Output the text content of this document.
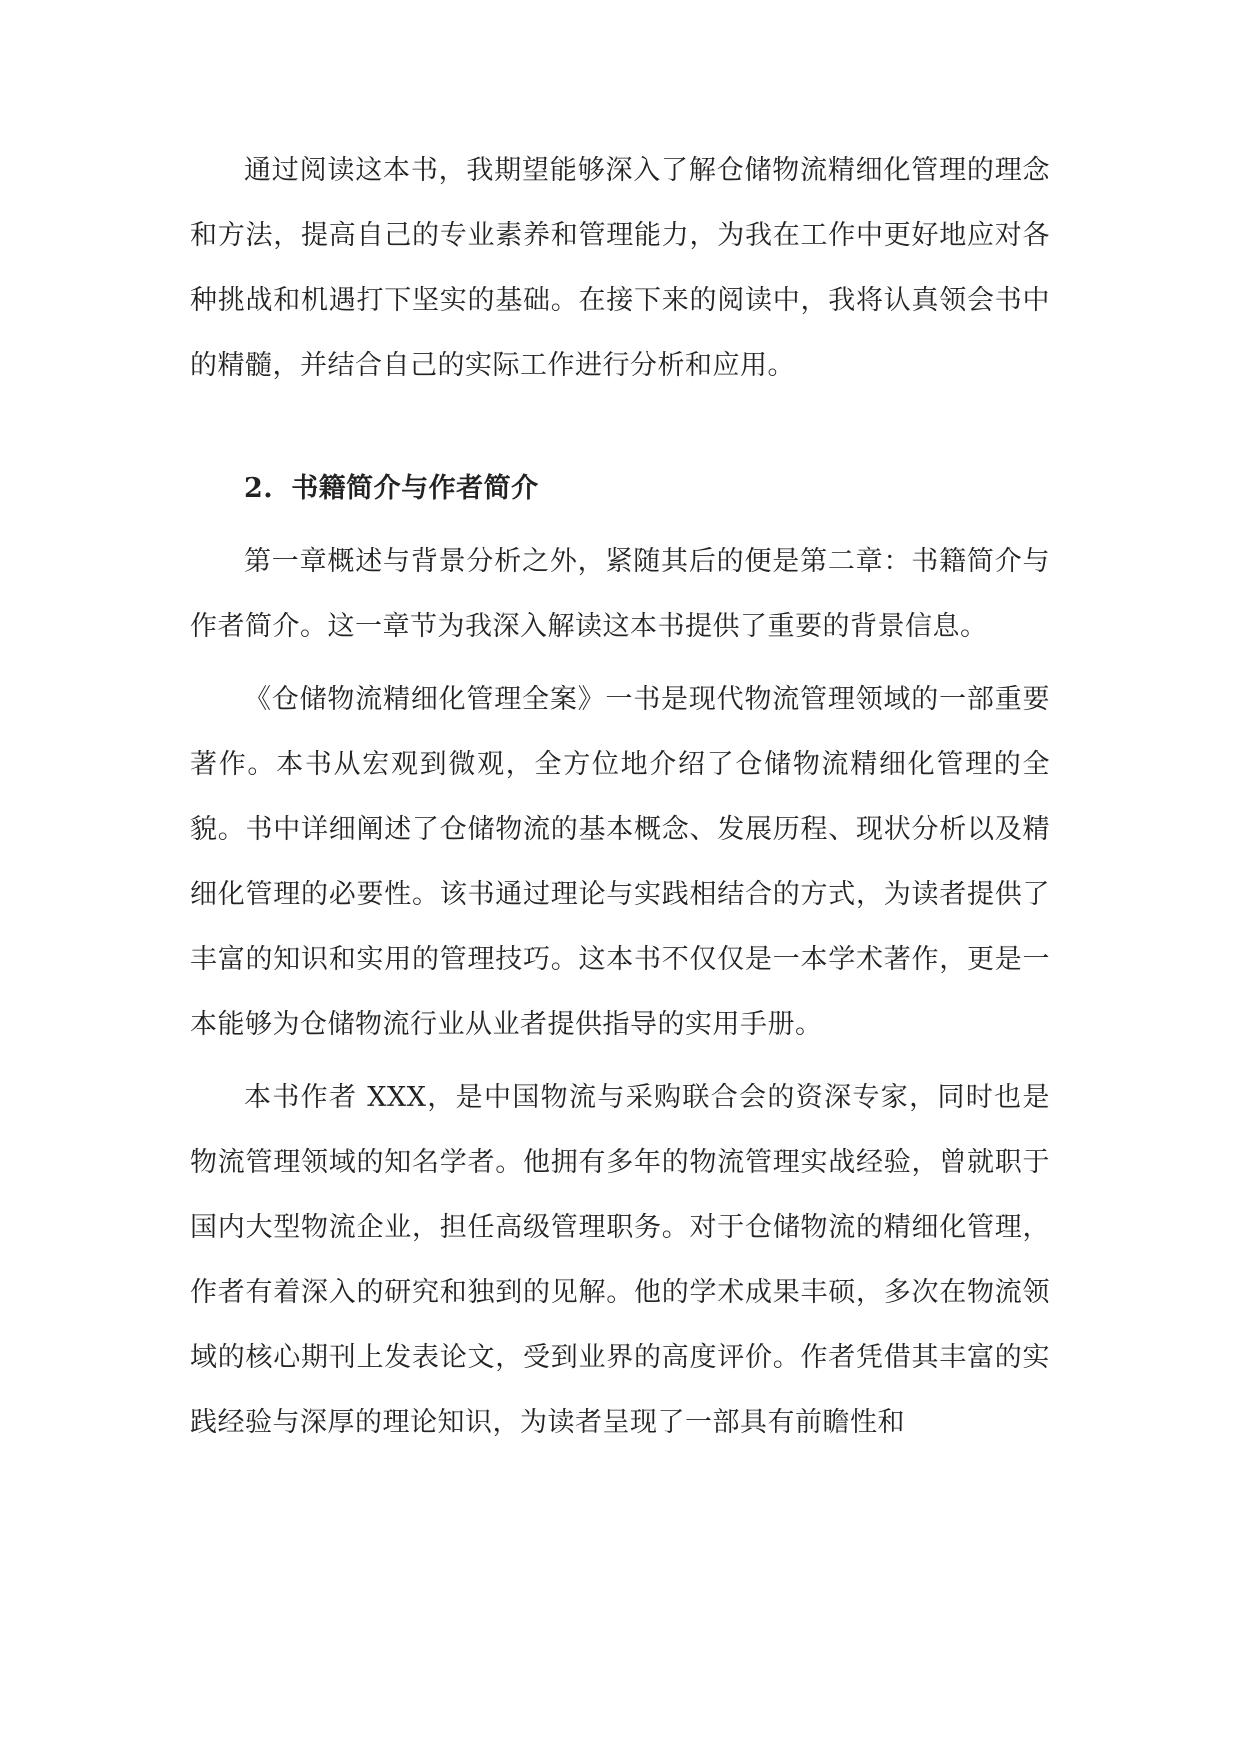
通过阅读这本书，我期望能够深入了解仓储物流精细化管理的理念和方法，提高自己的专业素养和管理能力，为我在工作中更好地应对各种挑战和机遇打下坚实的基础。在接下来的阅读中，我将认真领会书中的精髓，并结合自己的实际工作进行分析和应用。

2. 书籍简介与作者简介

第一章概述与背景分析之外，紧随其后的便是第二章：书籍简介与作者简介。这一章节为我深入解读这本书提供了重要的背景信息。

《仓储物流精细化管理全案》一书是现代物流管理领域的一部重要著作。本书从宏观到微观，全方位地介绍了仓储物流精细化管理的全貌。书中详细阐述了仓储物流的基本概念、发展历程、现状分析以及精细化管理的必要性。该书通过理论与实践相结合的方式，为读者提供了丰富的知识和实用的管理技巧。这本书不仅仅是一本学术著作，更是一本能够为仓储物流行业从业者提供指导的实用手册。

本书作者 XXX，是中国物流与采购联合会的资深专家，同时也是物流管理领域的知名学者。他拥有多年的物流管理实战经验，曾就职于国内大型物流企业，担任高级管理职务。对于仓储物流的精细化管理，作者有着深入的研究和独到的见解。他的学术成果丰硕，多次在物流领域的核心期刊上发表论文，受到业界的高度评价。作者凭借其丰富的实践经验与深厚的理论知识，为读者呈现了一部具有前瞻性和
